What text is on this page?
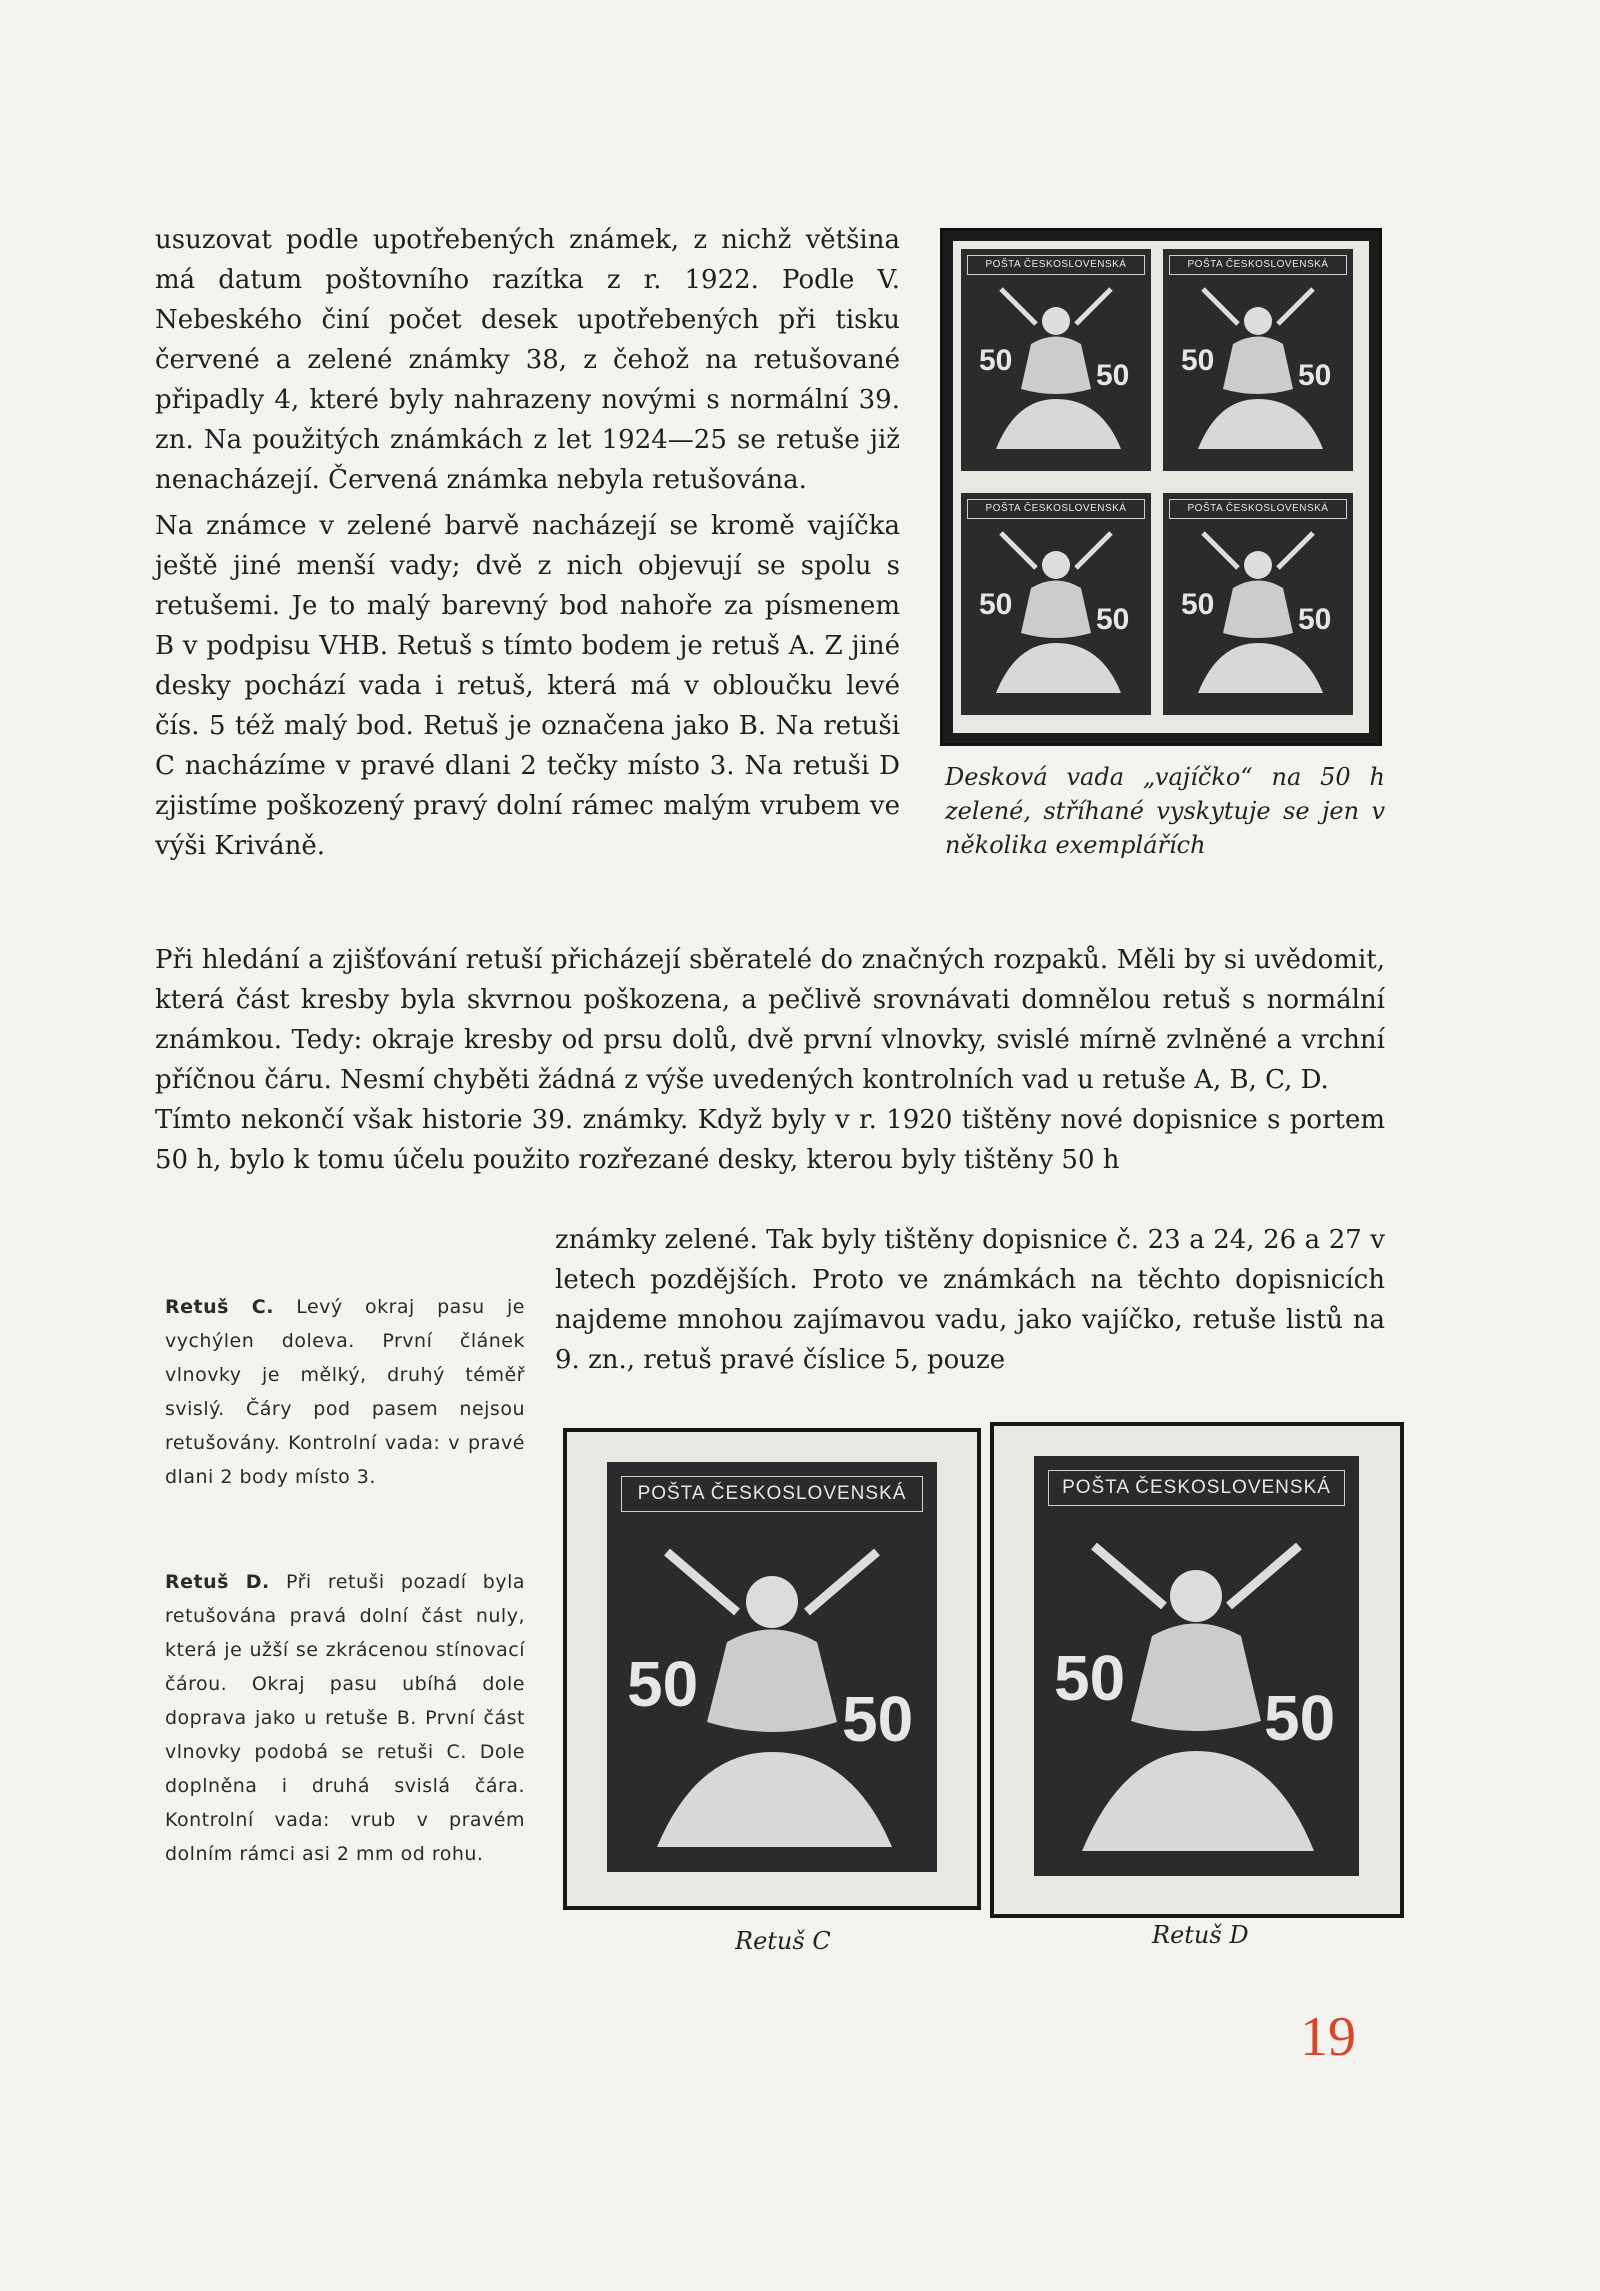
usuzovat podle upotřebených známek, z nichž většina má datum poštovního razítka z r. 1922. Podle V. Nebeského činí počet desek upotřebených při tisku červené a zelené známky 38, z čehož na retušované připadly 4, které byly nahrazeny novými s normální 39. zn. Na použitých známkách z let 1924—25 se retuše již nenacházejí. Červená známka nebyla retušována.

Na známce v zelené barvě nacházejí se kromě vajíčka ještě jiné menší vady; dvě z nich objevují se spolu s retušemi. Je to malý barevný bod nahoře za písmenem B v podpisu VHB. Retuš s tímto bodem je retuš A. Z jiné desky pochází vada i retuš, která má v obloučku levé čís. 5 též malý bod. Retuš je označena jako B. Na retuši C nacházíme v pravé dlani 2 tečky místo 3. Na retuši D zjistíme poškozený pravý dolní rámec malým vrubem ve výši Kriváně.

POŠTA ČESKOSLOVENSKÁ
50	50
POŠTA ČESKOSLOVENSKÁ
50	50
POŠTA ČESKOSLOVENSKÁ
50	50
POŠTA ČESKOSLOVENSKÁ
50	50
Desková vada „vajíčko“ na 50 h zelené, stříhané vyskytuje se jen v několika exemplářích

Při hledání a zjišťování retuší přicházejí sběratelé do značných rozpaků. Měli by si uvědomit, která část kresby byla skvrnou poškozena, a pečlivě srovnávati domnělou retuš s normální známkou. Tedy: okraje kresby od prsu dolů, dvě první vlnovky, svislé mírně zvlněné a vrchní příčnou čáru. Nesmí chyběti žádná z výše uvedených kontrolních vad u retuše A, B, C, D.

Tímto nekončí však historie 39. známky. Když byly v r. 1920 tištěny nové dopisnice s portem 50 h, bylo k tomu účelu použito rozřezané desky, kterou byly tištěny 50 h

známky zelené. Tak byly tištěny dopisnice č. 23 a 24, 26 a 27 v letech pozdějších. Proto ve známkách na těchto dopisnicích najdeme mnohou zajímavou vadu, jako vajíčko, retuše listů na 9. zn., retuš pravé číslice 5, pouze
Retuš C. Levý okraj pasu je vychýlen doleva. První článek vlnovky je mělký, druhý téměř svislý. Čáry pod pasem nejsou retušovány. Kontrolní vada: v pravé dlani 2 body místo 3.
Retuš D. Při retuši pozadí byla retušována pravá dolní část nuly, která je užší se zkrácenou stínovací čárou. Okraj pasu ubíhá dole doprava jako u retuše B. První část vlnovky podobá se retuši C. Dole doplněna i druhá svislá čára. Kontrolní vada: vrub v pravém dolním rámci asi 2 mm od rohu.
POŠTA ČESKOSLOVENSKÁ
50 50
Retuš C
POŠTA ČESKOSLOVENSKÁ
50
50
Retuš D
19
